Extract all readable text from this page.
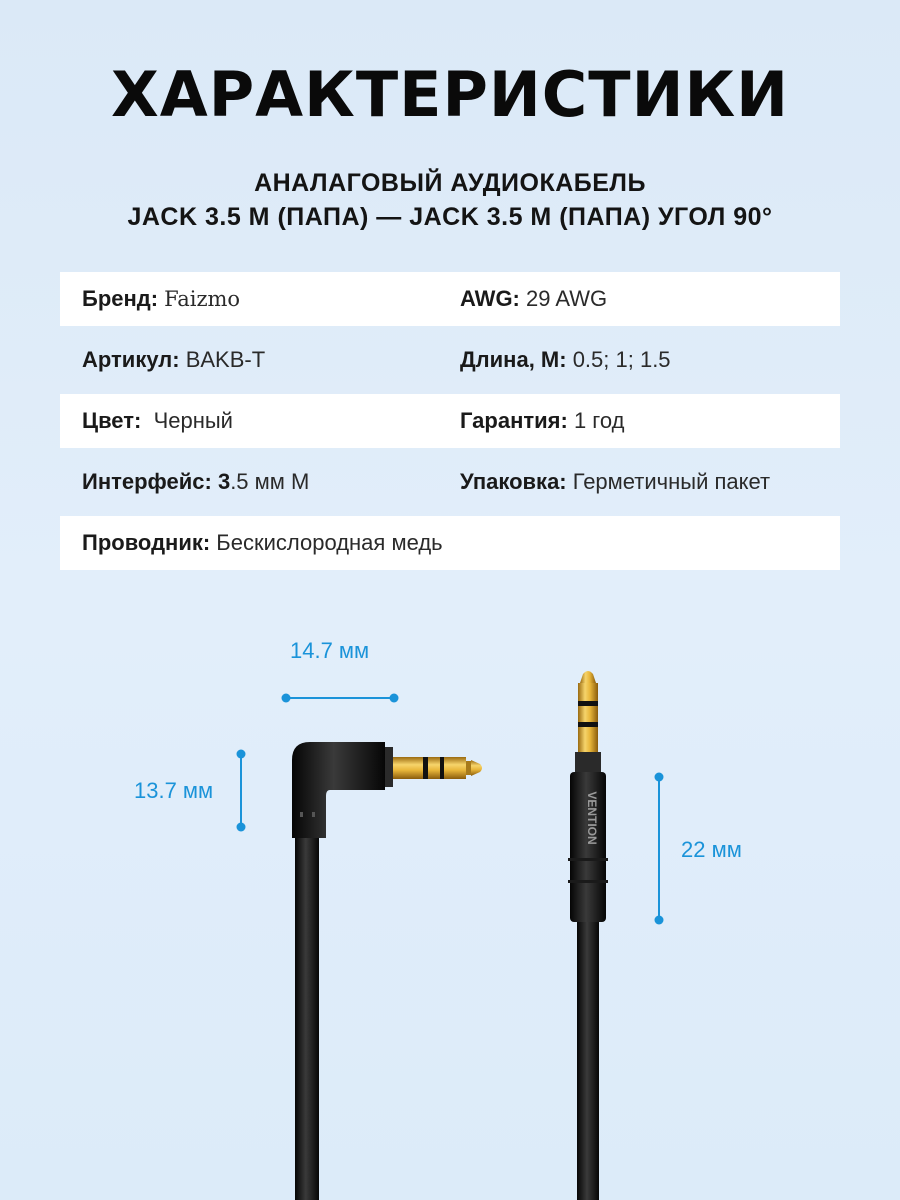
ХАРАКТЕРИСТИКИ
АНАЛАГОВЫЙ АУДИОКАБЕЛЬ
JACK 3.5 M (ПАПА) — JACK 3.5 M (ПАПА) УГОЛ 90°
Бренд: Faizmo	AWG: 29 AWG
Артикул: BAKB-T	Длина, M: 0.5; 1; 1.5
Цвет: Черный	Гарантия: 1 год
Интерфейс: 3 .5 мм М	Упаковка: Герметичный пакет
Проводник: Бескислородная медь
VENTION
14.7 мм
13.7 мм
22 мм
